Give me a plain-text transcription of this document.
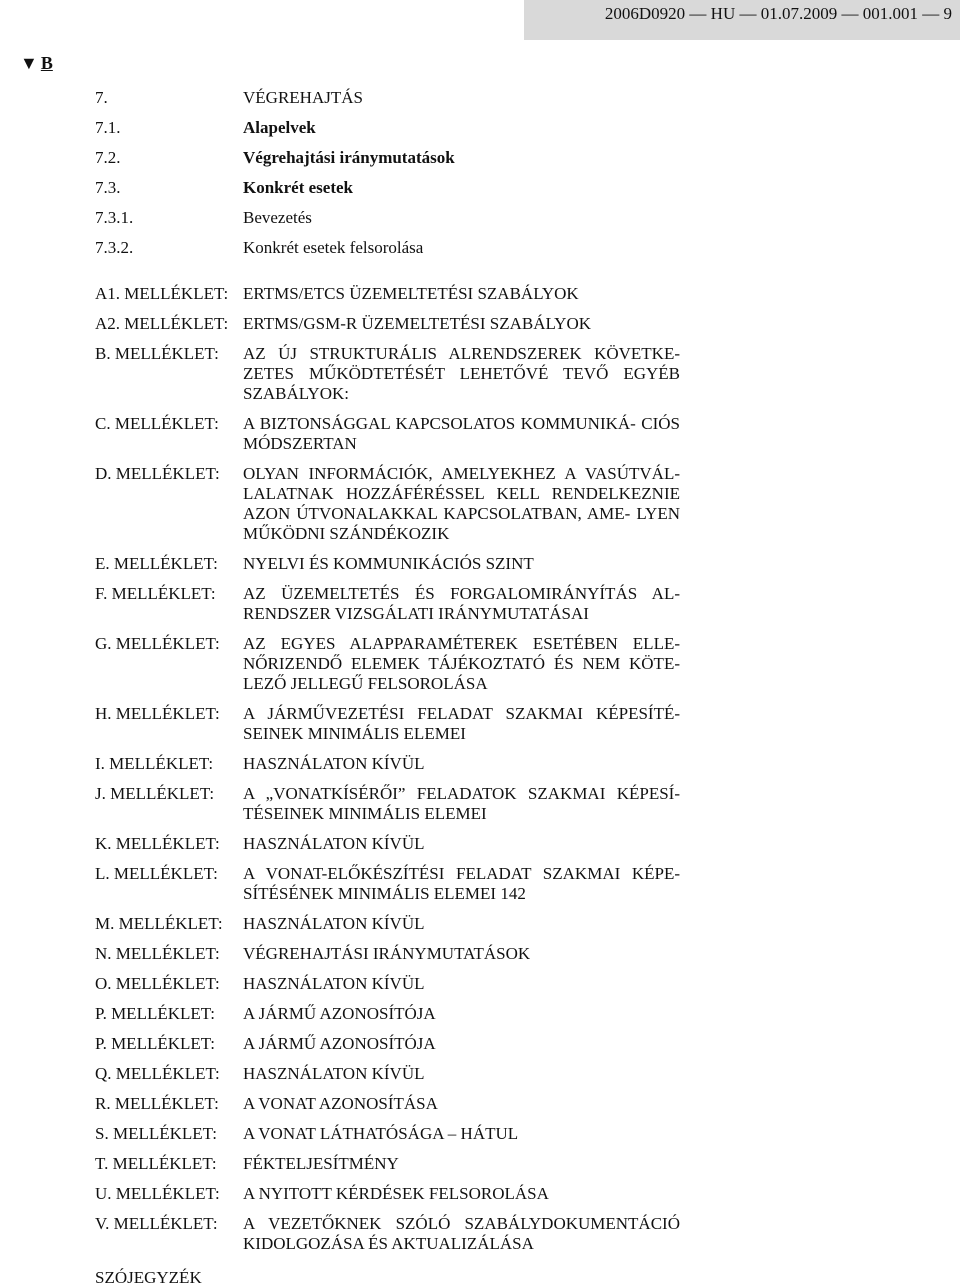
2006D0920 — HU — 01.07.2009 — 001.001 — 9
▼ B
7.	VÉGREHAJTÁS
7.1.	Alapelvek
7.2.	Végrehajtási iránymutatások
7.3.	Konkrét esetek
7.3.1.	Bevezetés
7.3.2.	Konkrét esetek felsorolása
A1. MELLÉKLET: ERTMS/ETCS ÜZEMELTETÉSI SZABÁLYOK
A2. MELLÉKLET: ERTMS/GSM-R ÜZEMELTETÉSI SZABÁLYOK
B. MELLÉKLET: AZ ÚJ STRUKTURÁLIS ALRENDSZEREK KÖVETKE- ZETES MŰKÖDTETÉSÉT LEHETŐVÉ TEVŐ EGYÉB SZABÁLYOK:
C. MELLÉKLET: A BIZTONSÁGGAL KAPCSOLATOS KOMMUNIKÁ- CIÓS MÓDSZERTAN
D. MELLÉKLET: OLYAN INFORMÁCIÓK, AMELYEKHEZ A VASÚTVÁL- LALATNAK HOZZÁFÉRÉSSEL KELL RENDELKEZNIE AZON ÚTVONALAKKAL KAPCSOLATBAN, AME- LYEN MŰKÖDNI SZÁNDÉKOZIK
E. MELLÉKLET: NYELVI ÉS KOMMUNIKÁCIÓS SZINT
F. MELLÉKLET: AZ ÜZEMELTETÉS ÉS FORGALOMIRÁNYÍTÁS AL- RENDSZER VIZSGÁLATI IRÁNYMUTATÁSAI
G. MELLÉKLET: AZ EGYES ALAPPARAMÉTEREK ESETÉBEN ELLE- NŐRIZENDŐ ELEMEK TÁJÉKOZTATÓ ÉS NEM KÖTE- LEZŐ JELLEGŰ FELSOROLÁSA
H. MELLÉKLET: A JÁRMŰVEZETÉSI FELADAT SZAKMAI KÉPESÍTÉ- SEINEK MINIMÁLIS ELEMEI
I. MELLÉKLET: HASZNÁLATON KÍVÜL
J. MELLÉKLET: A „VONATKÍSÉRŐI” FELADATOK SZAKMAI KÉPESÍ- TÉSEINEK MINIMÁLIS ELEMEI
K. MELLÉKLET: HASZNÁLATON KÍVÜL
L. MELLÉKLET: A VONAT-ELŐKÉSZÍTÉSI FELADAT SZAKMAI KÉPE- SÍTÉSÉNEK MINIMÁLIS ELEMEI 142
M. MELLÉKLET: HASZNÁLATON KÍVÜL
N. MELLÉKLET: VÉGREHAJTÁSI IRÁNYMUTATÁSOK
O. MELLÉKLET: HASZNÁLATON KÍVÜL
P. MELLÉKLET: A JÁRMŰ AZONOSÍTÓJA
P. MELLÉKLET: A JÁRMŰ AZONOSÍTÓJA
Q. MELLÉKLET: HASZNÁLATON KÍVÜL
R. MELLÉKLET: A VONAT AZONOSÍTÁSA
S. MELLÉKLET: A VONAT LÁTHATÓSÁGA – HÁTUL
T. MELLÉKLET: FÉKTELJESÍTMÉNY
U. MELLÉKLET: A NYITOTT KÉRDÉSEK FELSOROLÁSA
V. MELLÉKLET: A VEZETŐKNEK SZÓLÓ SZABÁLYDOKUMENTÁCIÓ KIDOLGOZÁSA ÉS AKTUALIZÁLÁSA
SZÓJEGYZÉK
